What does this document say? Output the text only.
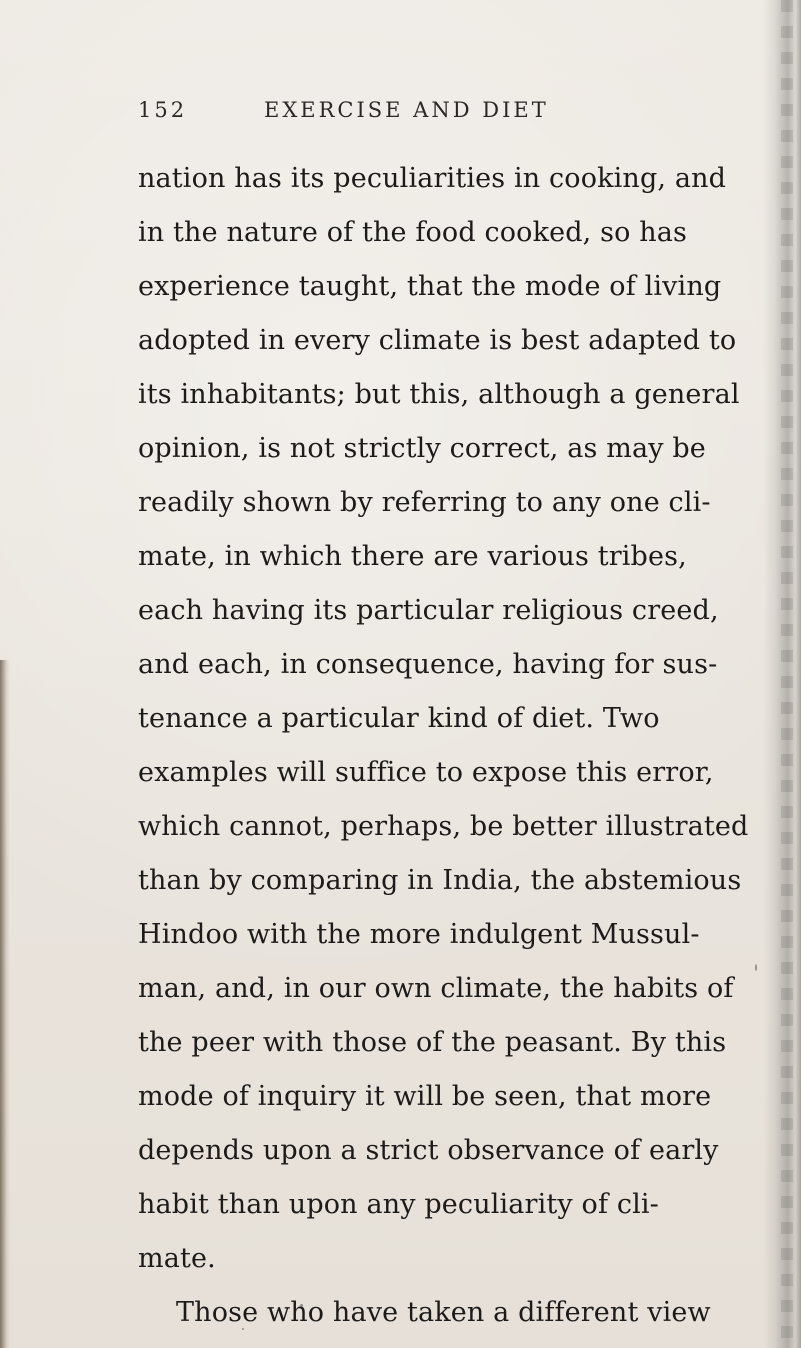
152	EXERCISE AND DIET
nation has its peculiarities in cooking, and
in the nature of the food cooked, so has
experience taught, that the mode of living
adopted in every climate is best adapted to
its inhabitants; but this, although a general
opinion, is not strictly correct, as may be
readily shown by referring to any one cli-
mate, in which there are various tribes,
each having its particular religious creed,
and each, in consequence, having for sus-
tenance a particular kind of diet. Two
examples will suffice to expose this error,
which cannot, perhaps, be better illustrated
than by comparing in India, the abstemious
Hindoo with the more indulgent Mussul-
man, and, in our own climate, the habits of
the peer with those of the peasant. By this
mode of inquiry it will be seen, that more
depends upon a strict observance of early
habit than upon any peculiarity of cli-
mate.
Those who have taken a different view
